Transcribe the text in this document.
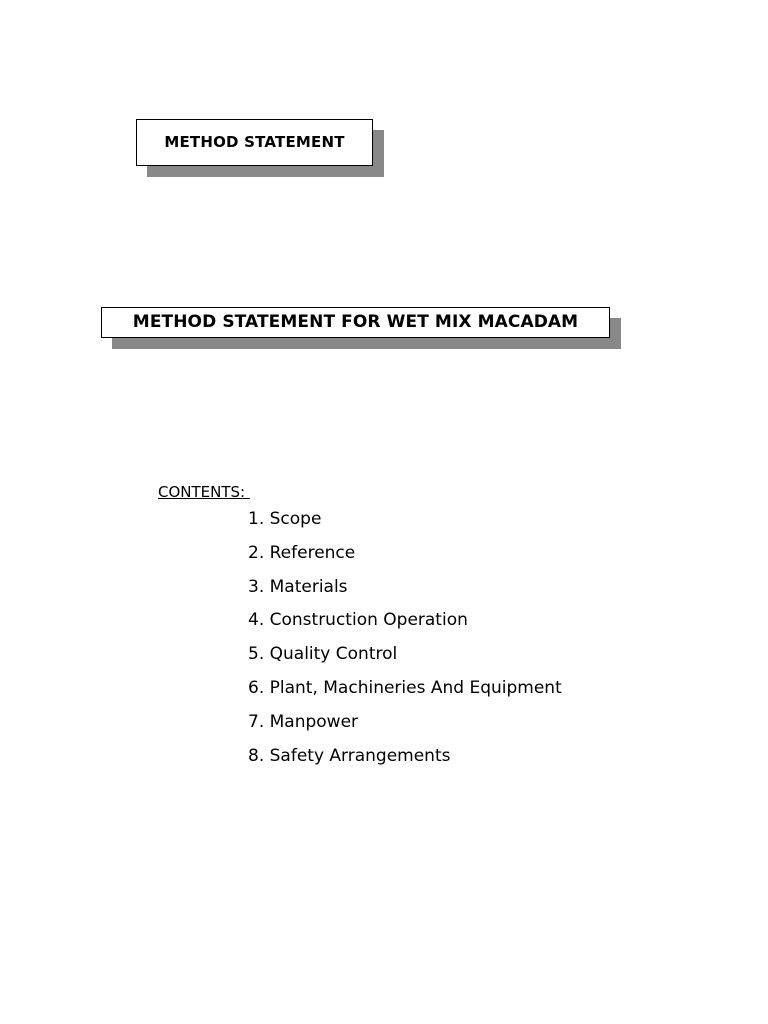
METHOD STATEMENT
METHOD STATEMENT FOR WET MIX MACADAM
CONTENTS:
1. Scope
2. Reference
3. Materials
4. Construction Operation
5. Quality Control
6. Plant, Machineries And Equipment
7. Manpower
8. Safety Arrangements
